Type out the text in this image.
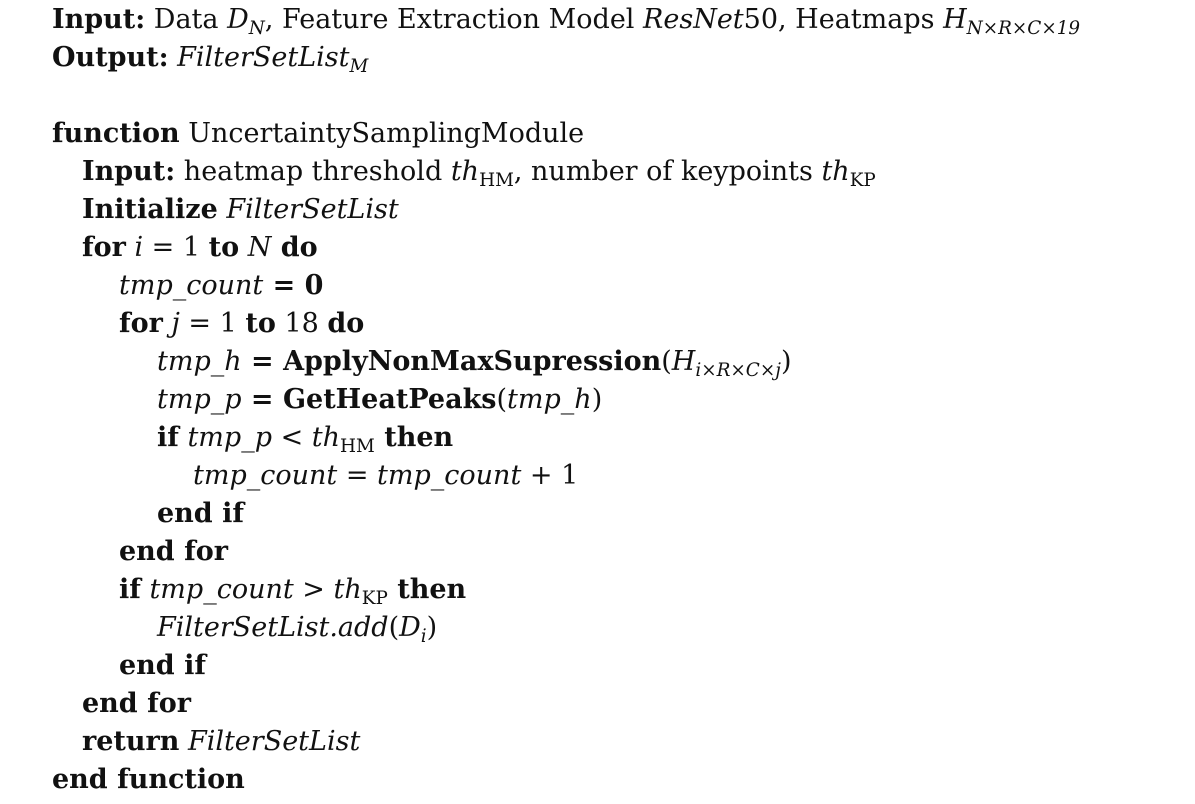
Input: Data $D_N$, Feature Extraction Model ResNet50, Heatmaps $H_{N\times R\times C\times 19}$
Output: FilterSetList$_M$
function UncertaintySamplingModule
Input: heatmap threshold $th_{HM}$, number of keypoints $th_{KP}$
Initialize FilterSetList
for i = 1 to N do
tmp_count = 0
for j = 1 to 18 do
tmp_h = $ApplyNonMaxSupression(H_{i\times R\times C\times j})$
tmp_p = GetHeatPeaks(tmp_h)
if tmp_p < $th_{HM}$ then
tmp_count = tmp_count + 1
end if
end for
if tmp_count > $th_{KP}$ then
$FilterSetList.add(D_i)$
end if
end for
return FilterSetList
end function
